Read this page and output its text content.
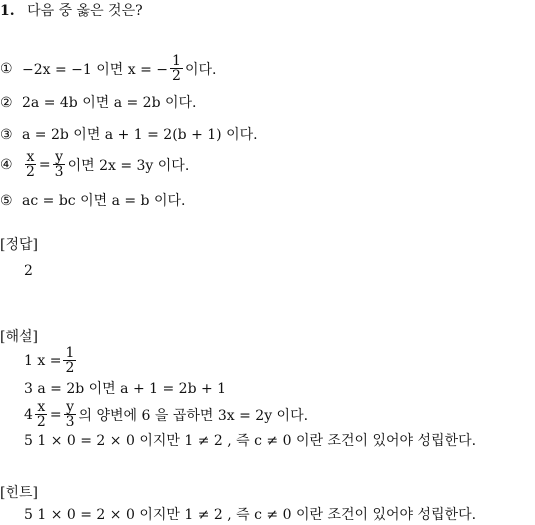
1. 다음 중 옳은 것은?
① −2x = −1 이면 x = − $\frac{1}{2}$ 이다.
② 2a = 4b 이면 a = 2b 이다.
③ a = 2b 이면 a + 1 = 2(b + 1) 이다.
④ $\frac{x}{2} = \frac{y}{3}$ 이면 2x = 3y 이다.
⑤ ac = bc 이면 a = b 이다.
[정답]
2
[해설]
1 $x = \frac{1}{2}$
3 a = 2b 이면 a + 1 = 2b + 1
$4 \frac{x}{2} = \frac{y}{3}$ 의 양변에 6 을 곱하면 3x = 2y 이다.
5 1 × 0 = 2 × 0 이지만 1 ≠ 2 , 즉 c ≠ 0 이란 조건이 있어야 성립한다.
[힌트]
5 1 × 0 = 2 × 0 이지만 1 ≠ 2 , 즉 c ≠ 0 이란 조건이 있어야 성립한다.
